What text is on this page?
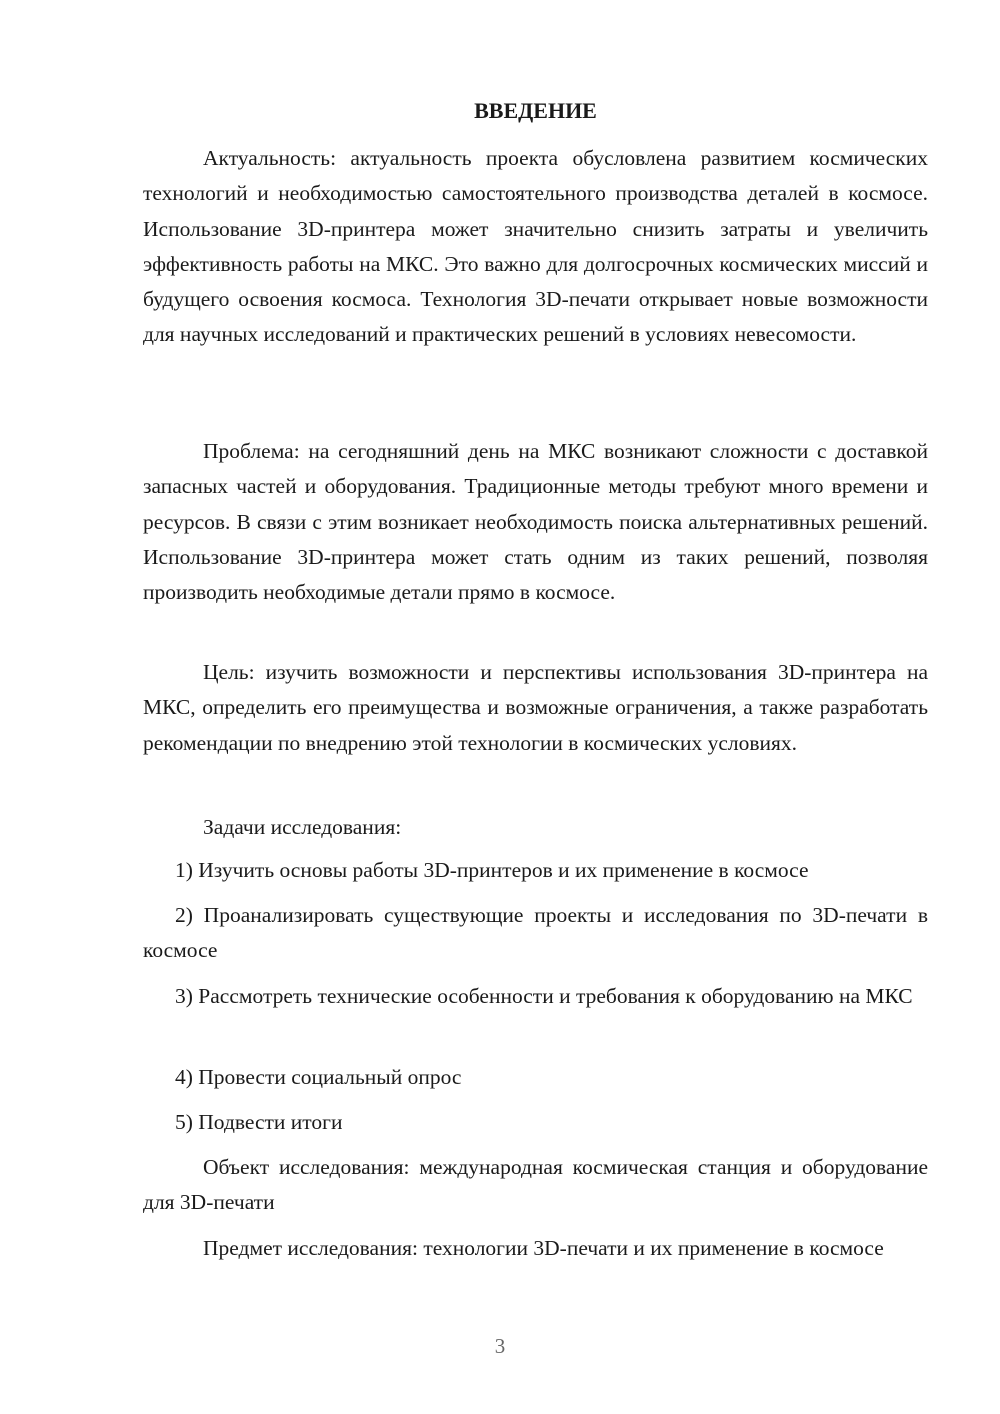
ВВЕДЕНИЕ

Актуальность: актуальность проекта обусловлена развитием космических технологий и необходимостью самостоятельного производства деталей в космосе. Использование 3D-принтера может значительно снизить затраты и увеличить эффективность работы на МКС. Это важно для долгосрочных космических миссий и будущего освоения космоса. Технология 3D-печати открывает новые возможности для научных исследований и практических решений в условиях невесомости.

Проблема: на сегодняшний день на МКС возникают сложности с доставкой запасных частей и оборудования. Традиционные методы требуют много времени и ресурсов. В связи с этим возникает необходимость поиска альтернативных решений. Использование 3D-принтера может стать одним из таких решений, позволяя производить необходимые детали прямо в космосе.

Цель: изучить возможности и перспективы использования 3D-принтера на МКС, определить его преимущества и возможные ограничения, а также разработать рекомендации по внедрению этой технологии в космических условиях.

Задачи исследования:

1) Изучить основы работы 3D-принтеров и их применение в космосе

2) Проанализировать существующие проекты и исследования по 3D-печати в космосе

3) Рассмотреть технические особенности и требования к оборудованию на МКС

4) Провести социальный опрос

5) Подвести итоги

Объект исследования: международная космическая станция и оборудование для 3D-печати

Предмет исследования: технологии 3D-печати и их применение в космосе

3
